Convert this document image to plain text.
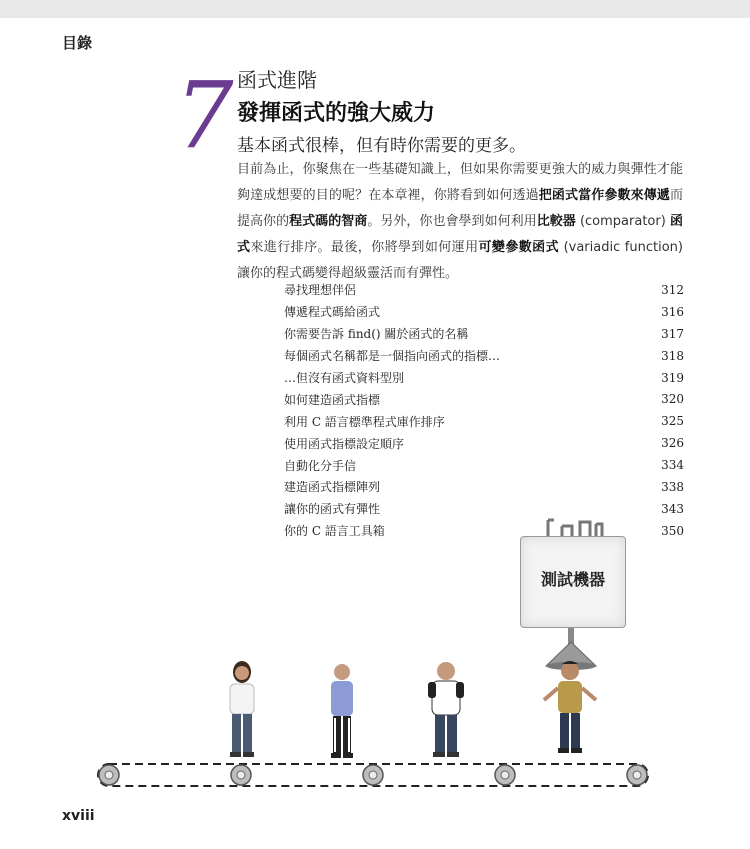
目錄
7 函式進階
發揮函式的強大威力
基本函式很棒，但有時你需要的更多。

目前為止，你聚焦在一些基礎知識上，但如果你需要更強大的威力與彈性才能夠達成想要的目的呢？在本章裡，你將看到如何透過把函式當作參數來傳遞而提高你的程式碼的智商。另外，你也會學到如何利用比較器 (comparator) 函式來進行排序。最後，你將學到如何運用可變參數函式 (variadic function) 讓你的程式碼變得超級靈活而有彈性。

尋找理想伴侶	312
傳遞程式碼給函式	316
你需要告訴 find() 關於函式的名稱	317
每個函式名稱都是一個指向函式的指標…	318
…但沒有函式資料型別	319
如何建造函式指標	320
利用 C 語言標準程式庫作排序	325
使用函式指標設定順序	326
自動化分手信	334
建造函式指標陣列	338
讓你的函式有彈性	343
你的 C 語言工具箱	350
測試機器
xviii
